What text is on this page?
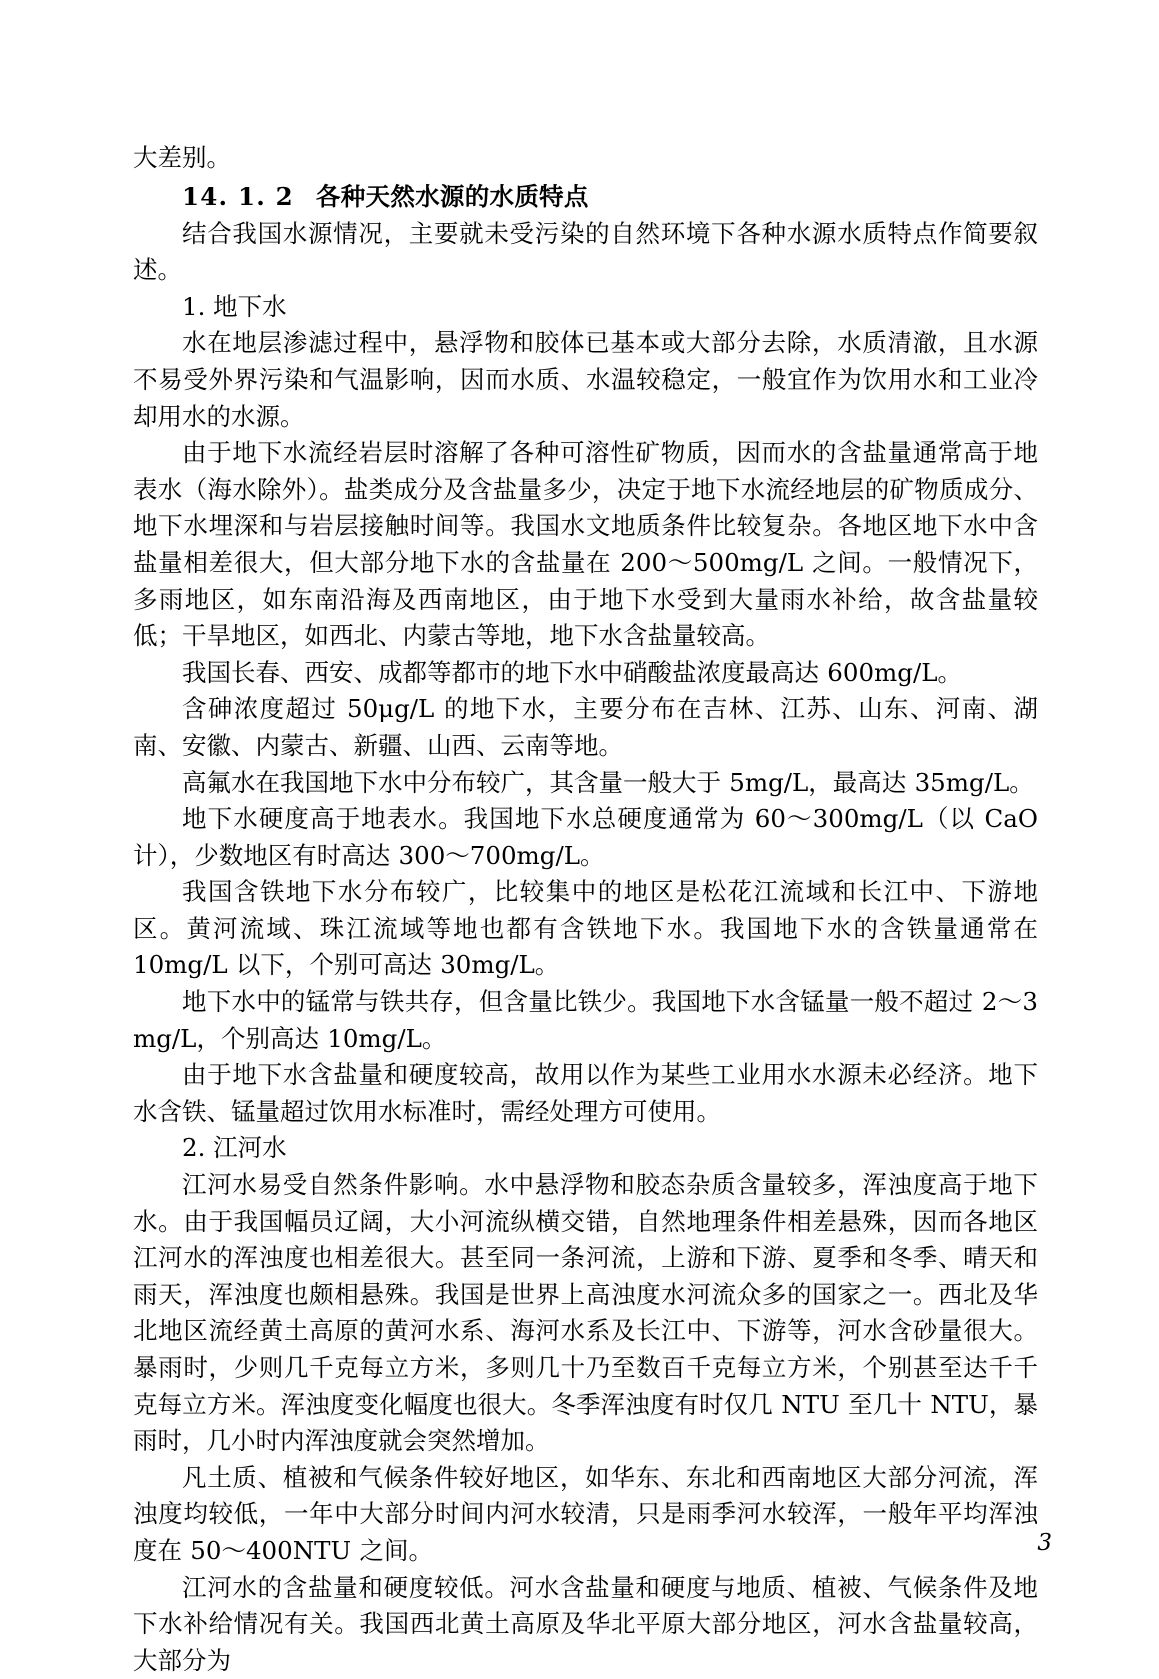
大差别。

14. 1. 2 各种天然水源的水质特点

结合我国水源情况，主要就未受污染的自然环境下各种水源水质特点作简要叙述。

1. 地下水

水在地层渗滤过程中，悬浮物和胶体已基本或大部分去除，水质清澈，且水源不易受外界污染和气温影响，因而水质、水温较稳定，一般宜作为饮用水和工业冷却用水的水源。

由于地下水流经岩层时溶解了各种可溶性矿物质，因而水的含盐量通常高于地表水（海水除外）。盐类成分及含盐量多少，决定于地下水流经地层的矿物质成分、地下水埋深和与岩层接触时间等。我国水文地质条件比较复杂。各地区地下水中含盐量相差很大，但大部分地下水的含盐量在 200～500mg/L 之间。一般情况下，多雨地区，如东南沿海及西南地区，由于地下水受到大量雨水补给，故含盐量较低；干旱地区，如西北、内蒙古等地，地下水含盐量较高。

我国长春、西安、成都等都市的地下水中硝酸盐浓度最高达 600mg/L。

含砷浓度超过 50μg/L 的地下水，主要分布在吉林、江苏、山东、河南、湖南、安徽、内蒙古、新疆、山西、云南等地。

高氟水在我国地下水中分布较广，其含量一般大于 5mg/L，最高达 35mg/L。

地下水硬度高于地表水。我国地下水总硬度通常为 60～300mg/L（以 CaO 计），少数地区有时高达 300～700mg/L。

我国含铁地下水分布较广，比较集中的地区是松花江流域和长江中、下游地区。黄河流域、珠江流域等地也都有含铁地下水。我国地下水的含铁量通常在 10mg/L 以下，个别可高达 30mg/L。

地下水中的锰常与铁共存，但含量比铁少。我国地下水含锰量一般不超过 2～3 mg/L，个别高达 10mg/L。

由于地下水含盐量和硬度较高，故用以作为某些工业用水水源未必经济。地下水含铁、锰量超过饮用水标准时，需经处理方可使用。

2. 江河水

江河水易受自然条件影响。水中悬浮物和胶态杂质含量较多，浑浊度高于地下水。由于我国幅员辽阔，大小河流纵横交错，自然地理条件相差悬殊，因而各地区江河水的浑浊度也相差很大。甚至同一条河流，上游和下游、夏季和冬季、晴天和雨天，浑浊度也颇相悬殊。我国是世界上高浊度水河流众多的国家之一。西北及华北地区流经黄土高原的黄河水系、海河水系及长江中、下游等，河水含砂量很大。暴雨时，少则几千克每立方米，多则几十乃至数百千克每立方米，个别甚至达千千克每立方米。浑浊度变化幅度也很大。冬季浑浊度有时仅几 NTU 至几十 NTU，暴雨时，几小时内浑浊度就会突然增加。

凡土质、植被和气候条件较好地区，如华东、东北和西南地区大部分河流，浑浊度均较低，一年中大部分时间内河水较清，只是雨季河水较浑，一般年平均浑浊度在 50～400NTU 之间。

江河水的含盐量和硬度较低。河水含盐量和硬度与地质、植被、气候条件及地下水补给情况有关。我国西北黄土高原及华北平原大部分地区，河水含盐量较高，大部分为

3
